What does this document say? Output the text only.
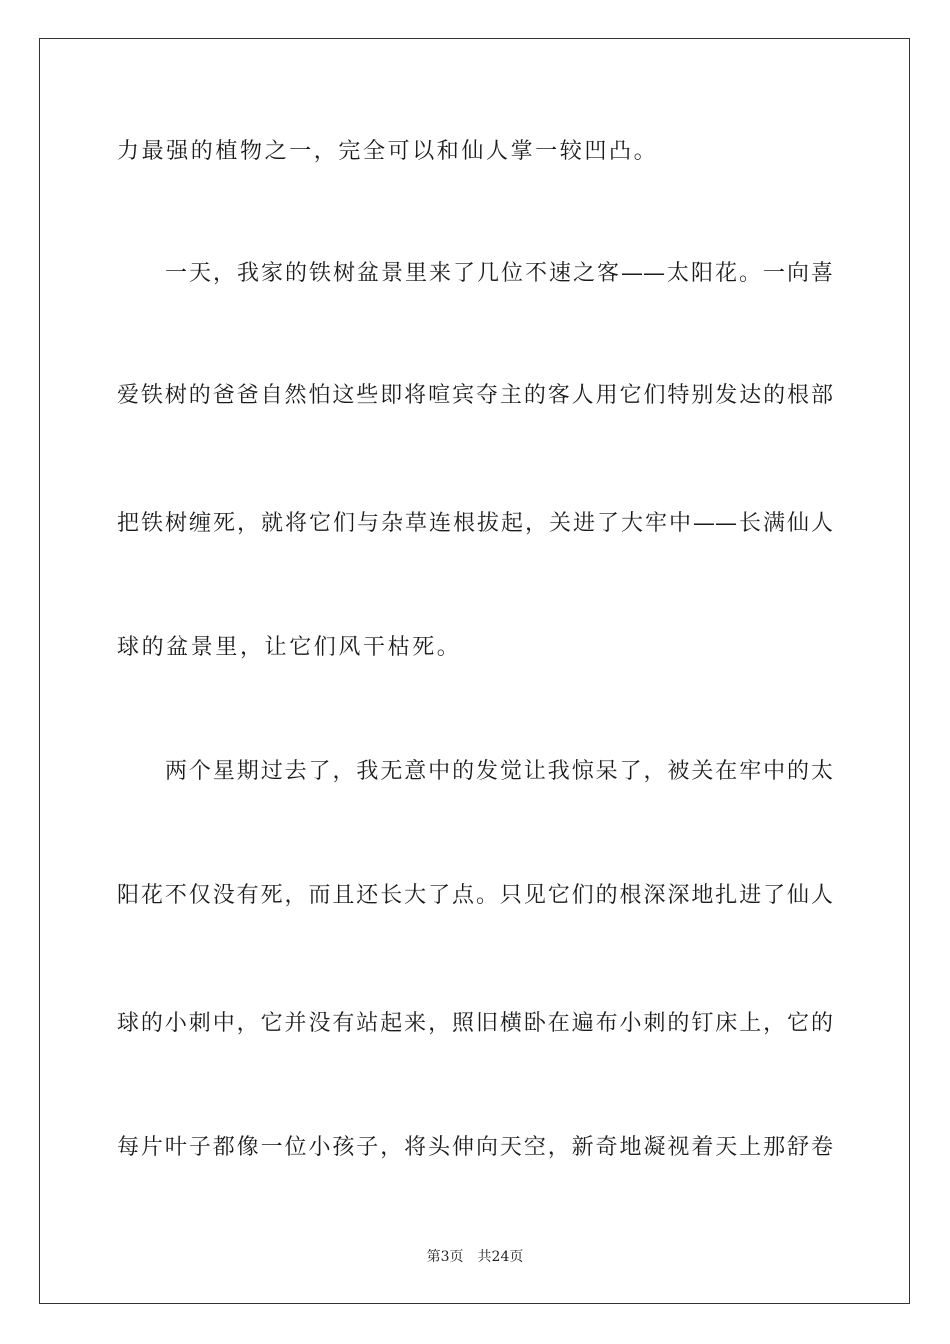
力最强的植物之一，完全可以和仙人掌一较凹凸。
一天，我家的铁树盆景里来了几位不速之客——太阳花。一向喜
爱铁树的爸爸自然怕这些即将喧宾夺主的客人用它们特别发达的根部
把铁树缠死，就将它们与杂草连根拔起，关进了大牢中——长满仙人
球的盆景里，让它们风干枯死。
两个星期过去了，我无意中的发觉让我惊呆了，被关在牢中的太
阳花不仅没有死，而且还长大了点。只见它们的根深深地扎进了仙人
球的小刺中，它并没有站起来，照旧横卧在遍布小刺的钉床上，它的
每片叶子都像一位小孩子，将头伸向天空，新奇地凝视着天上那舒卷
第3页 共24页
